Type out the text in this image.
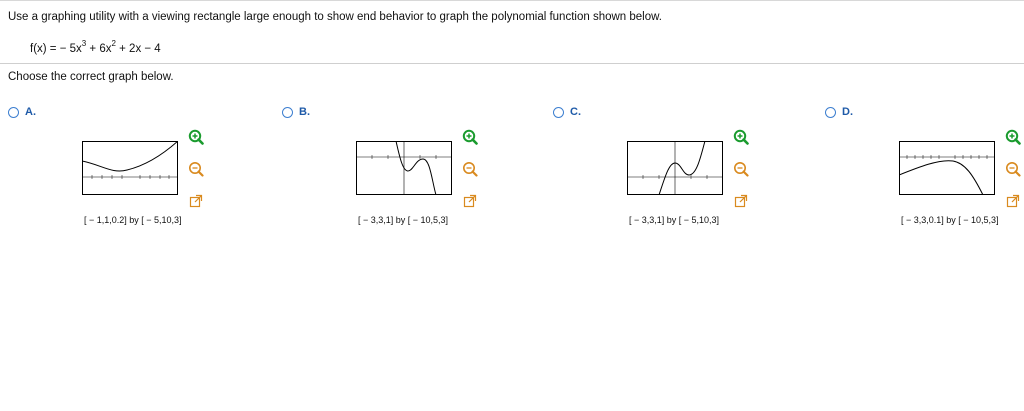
Use a graphing utility with a viewing rectangle large enough to show end behavior to graph the polynomial function shown below.
f(x) = − $5x^3 + 6x^2 + 2x - 4$
Choose the correct graph below.
A.
[ − 1,1,0.2] by [ − 5,10,3]
B.
[ − 3,3,1] by [ − 10,5,3]
C.
[ − 3,3,1] by [ − 5,10,3]
D.
[ − 3,3,0.1] by [ − 10,5,3]
